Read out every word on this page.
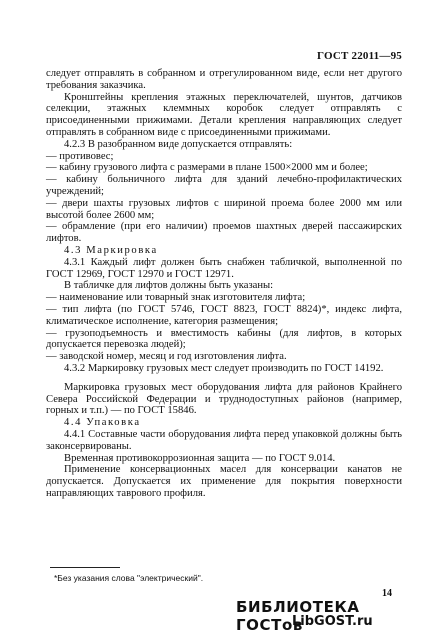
ГОСТ 22011—95

следует отправлять в собранном и отрегулированном виде, если нет другого требования заказчика.

Кронштейны крепления этажных переключателей, шунтов, датчиков селекции, этажных клеммных коробок следует отправлять с присоединенными прижимами. Детали крепления направляющих следует отправлять в собранном виде с присоединенными прижимами.

4.2.3 В разобранном виде допускается отправлять:

— противовес;

— кабину грузового лифта с размерами в плане 1500×2000 мм и более;

— кабину больничного лифта для зданий лечебно-профилактических учреждений;

— двери шахты грузовых лифтов с шириной проема более 2000 мм или высотой более 2600 мм;

— обрамление (при его наличии) проемов шахтных дверей пассажирских лифтов.

4.3 Маркировка

4.3.1 Каждый лифт должен быть снабжен табличкой, выполненной по ГОСТ 12969, ГОСТ 12970 и ГОСТ 12971.

В табличке для лифтов должны быть указаны:

— наименование или товарный знак изготовителя лифта;

— тип лифта (по ГОСТ 5746, ГОСТ 8823, ГОСТ 8824)*, индекс лифта, климатическое исполнение, категория размещения;

— грузоподъемность и вместимость кабины (для лифтов, в которых допускается перевозка людей);

— заводской номер, месяц и год изготовления лифта.

4.3.2 Маркировку грузовых мест следует производить по ГОСТ 14192.

Маркировка грузовых мест оборудования лифта для районов Крайнего Севера Российской Федерации и труднодоступных районов (например, горных и т.п.) — по ГОСТ 15846.

4.4 Упаковка

4.4.1 Составные части оборудования лифта перед упаковкой должны быть законсервированы.

Временная противокоррозионная защита — по ГОСТ 9.014.

Применение консервационных масел для консервации канатов не допускается. Допускается их применение для покрытия поверхности направляющих таврового профиля.

*Без указания слова "электрический".
14
БИБЛИОТЕКА ГОСТов
LibGOST.ru
